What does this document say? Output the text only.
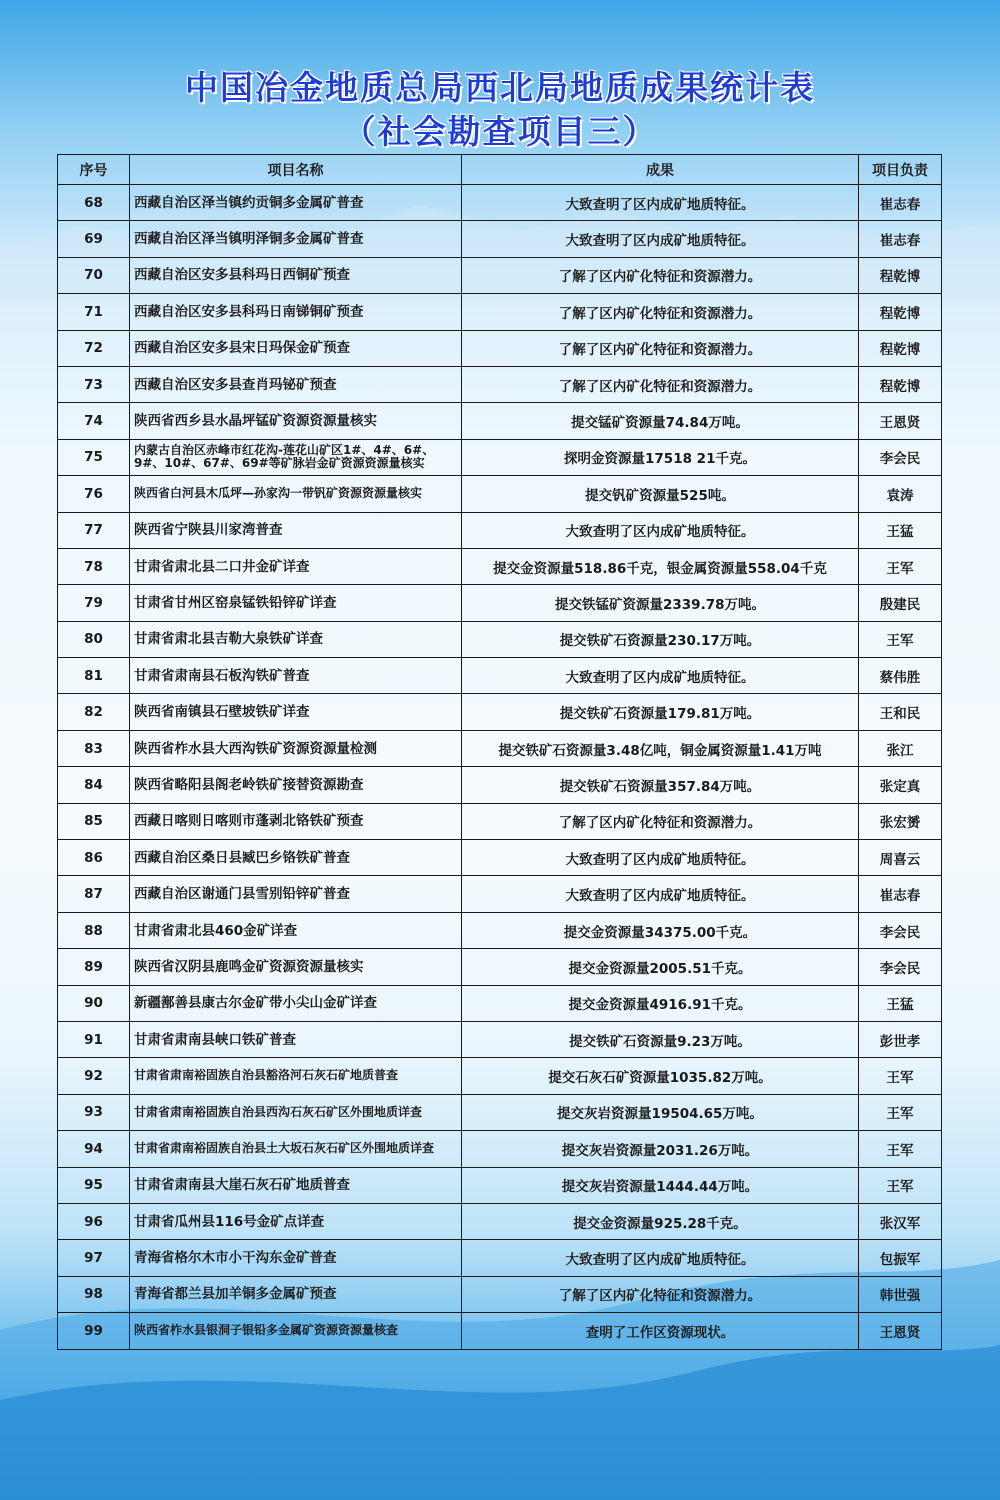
中国冶金地质总局西北局地质成果统计表
（社会勘查项目三）
序号	项目名称	成果	项目负责
68	西藏自治区泽当镇约贡铜多金属矿普查	大致查明了区内成矿地质特征。	崔志春
69	西藏自治区泽当镇明泽铜多金属矿普查	大致查明了区内成矿地质特征。	崔志春
70	西藏自治区安多县科玛日西铜矿预查	了解了区内矿化特征和资源潜力。	程乾博
71	西藏自治区安多县科玛日南锑铜矿预查	了解了区内矿化特征和资源潜力。	程乾博
72	西藏自治区安多县宋日玛保金矿预查	了解了区内矿化特征和资源潜力。	程乾博
73	西藏自治区安多县查肖玛铋矿预查	了解了区内矿化特征和资源潜力。	程乾博
74	陕西省西乡县水晶坪锰矿资源资源量核实	提交锰矿资源量74.84万吨。	王恩贤
75	内蒙古自治区赤峰市红花沟-莲花山矿区1#、4#、6#、9#、10#、67#、69#等矿脉岩金矿资源资源量核实	探明金资源量17518 21千克。	李会民
76	陕西省白河县木瓜坪—孙家沟一带钒矿资源资源量核实	提交钒矿资源量525吨。	袁涛
77	陕西省宁陕县川家湾普查	大致查明了区内成矿地质特征。	王猛
78	甘肃省肃北县二口井金矿详查	提交金资源量518.86千克，银金属资源量558.04千克	王军
79	甘肃省甘州区窑泉锰铁铅锌矿详查	提交铁锰矿资源量2339.78万吨。	殷建民
80	甘肃省肃北县吉勒大泉铁矿详查	提交铁矿石资源量230.17万吨。	王军
81	甘肃省肃南县石板沟铁矿普查	大致查明了区内成矿地质特征。	蔡伟胜
82	陕西省南镇县石壁坡铁矿详查	提交铁矿石资源量179.81万吨。	王和民
83	陕西省柞水县大西沟铁矿资源资源量检测	提交铁矿石资源量3.48亿吨，铜金属资源量1.41万吨	张江
84	陕西省略阳县阁老岭铁矿接替资源勘查	提交铁矿石资源量357.84万吨。	张定真
85	西藏日喀则日喀则市蓬剥北铬铁矿预查	了解了区内矿化特征和资源潜力。	张宏赟
86	西藏自治区桑日县臧巴乡铬铁矿普查	大致查明了区内成矿地质特征。	周喜云
87	西藏自治区谢通门县雪别铅锌矿普查	大致查明了区内成矿地质特征。	崔志春
88	甘肃省肃北县460金矿详查	提交金资源量34375.00千克。	李会民
89	陕西省汉阴县鹿鸣金矿资源资源量核实	提交金资源量2005.51千克。	李会民
90	新疆鄯善县康古尔金矿带小尖山金矿详查	提交金资源量4916.91千克。	王猛
91	甘肃省肃南县峡口铁矿普查	提交铁矿石资源量9.23万吨。	彭世孝
92	甘肃省肃南裕固族自治县豁洛河石灰石矿地质普查	提交石灰石矿资源量1035.82万吨。	王军
93	甘肃省肃南裕固族自治县西沟石灰石矿区外围地质详查	提交灰岩资源量19504.65万吨。	王军
94	甘肃省肃南裕固族自治县土大坂石灰石矿区外围地质详查	提交灰岩资源量2031.26万吨。	王军
95	甘肃省肃南县大崖石灰石矿地质普查	提交灰岩资源量1444.44万吨。	王军
96	甘肃省瓜州县116号金矿点详查	提交金资源量925.28千克。	张汉军
97	青海省格尔木市小干沟东金矿普查	大致查明了区内成矿地质特征。	包振军
98	青海省都兰县加羊铜多金属矿预查	了解了区内矿化特征和资源潜力。	韩世强
99	陕西省柞水县银洞子银铅多金属矿资源资源量核查	查明了工作区资源现状。	王恩贤
